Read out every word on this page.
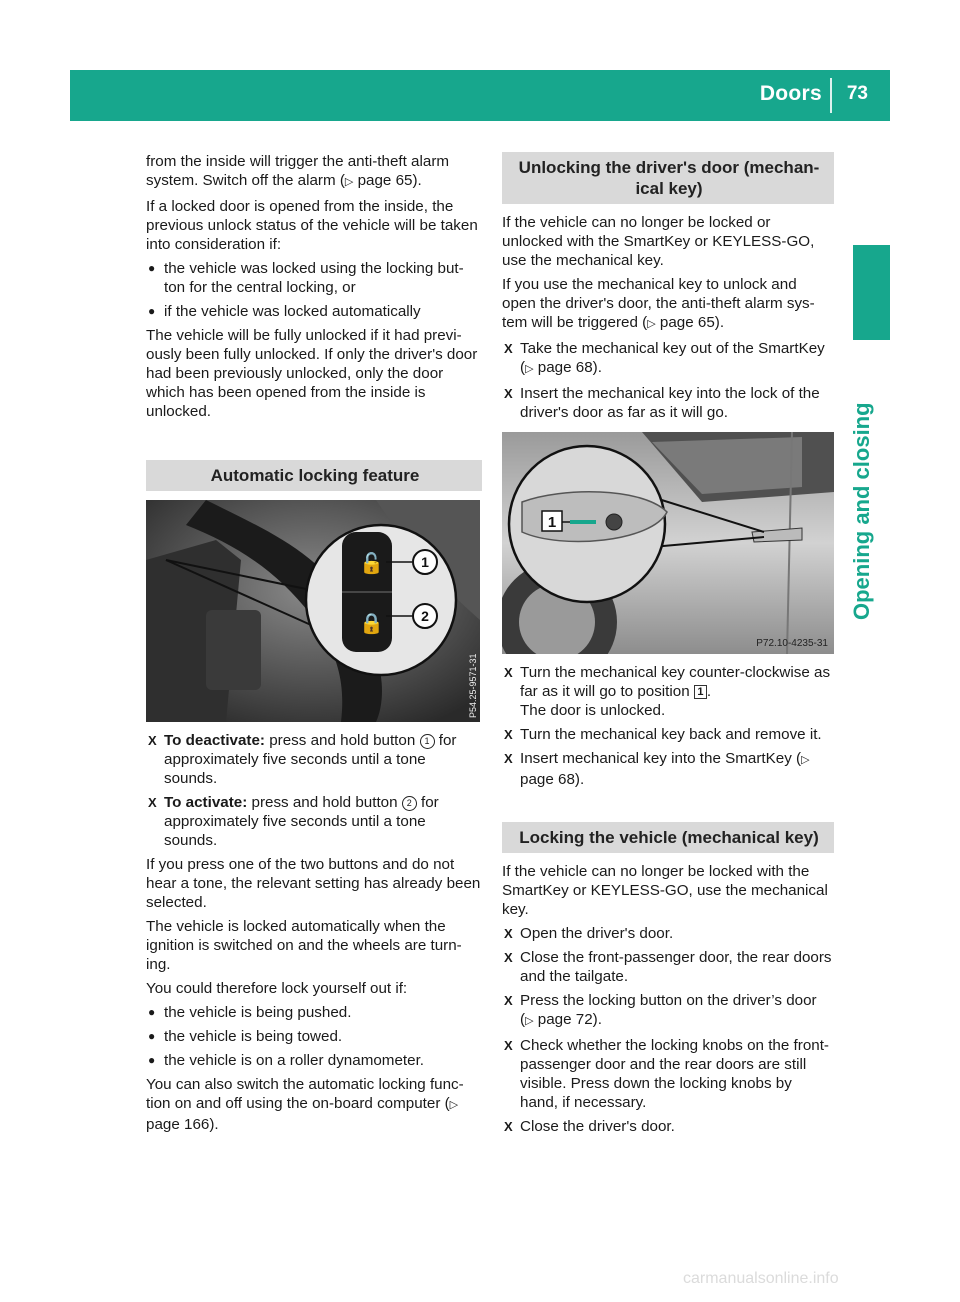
Doors 73
Opening and closing

from the inside will trigger the anti-theft alarm system. Switch off the alarm (▷ page 65).

If a locked door is opened from the inside, the previous unlock status of the vehicle will be taken into consideration if:

● the vehicle was locked using the locking but- ton for the central locking, or
● if the vehicle was locked automatically

The vehicle will be fully unlocked if it had previ- ously been fully unlocked. If only the driver's door had been previously unlocked, only the door which has been opened from the inside is unlocked.

Automatic locking feature
🔓
🔒
1
2
P54.25-9571-31
X To deactivate: press and hold button 1 for approximately five seconds until a tone sounds.
X To activate: press and hold button 2 for approximately five seconds until a tone sounds.

If you press one of the two buttons and do not hear a tone, the relevant setting has already been selected.

The vehicle is locked automatically when the ignition is switched on and the wheels are turn- ing.

You could therefore lock yourself out if:

● the vehicle is being pushed.
● the vehicle is being towed.
● the vehicle is on a roller dynamometer.

You can also switch the automatic locking func- tion on and off using the on-board computer (▷ page 166).

Unlocking the driver's door (mechan- ical key)

If the vehicle can no longer be locked or unlocked with the SmartKey or KEYLESS-GO, use the mechanical key.

If you use the mechanical key to unlock and open the driver's door, the anti-theft alarm sys- tem will be triggered (▷ page 65).

X Take the mechanical key out of the SmartKey (▷ page 68).
X Insert the mechanical key into the lock of the driver's door as far as it will go.
1
P72.10-4235-31
X Turn the mechanical key counter-clockwise as far as it will go to position 1 .
The door is unlocked.
X Turn the mechanical key back and remove it.
X Insert mechanical key into the SmartKey (▷ page 68).
Locking the vehicle (mechanical key)

If the vehicle can no longer be locked with the SmartKey or KEYLESS-GO, use the mechanical key.

X Open the driver's door.
X Close the front-passenger door, the rear doors and the tailgate.
X Press the locking button on the driver’s door (▷ page 72).
X Check whether the locking knobs on the front-passenger door and the rear doors are still visible. Press down the locking knobs by hand, if necessary.
X Close the driver's door.
carmanualsonline.info
